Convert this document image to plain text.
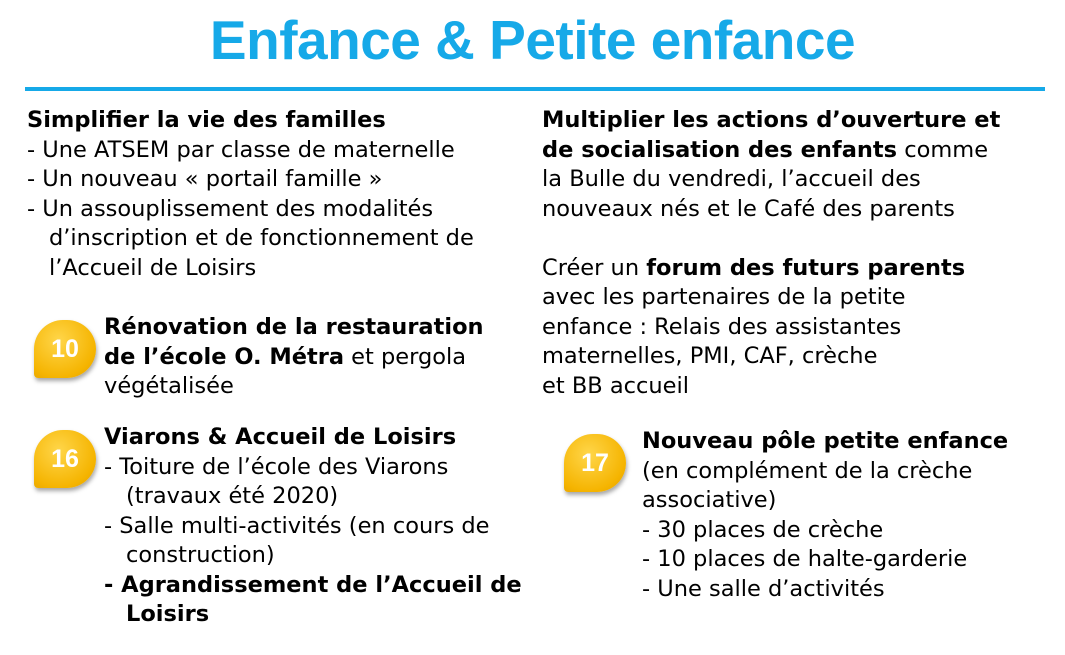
Enfance & Petite enfance
Simplifier la vie des familles
- Une ATSEM par classe de maternelle
- Un nouveau « portail famille »
- Un assouplissement des modalités
d’inscription et de fonctionnement de
l’Accueil de Loisirs
10
Rénovation de la restauration
de l’école O. Métra et pergola
végétalisée
16
Viarons & Accueil de Loisirs
- Toiture de l’école des Viarons
(travaux été 2020)
- Salle multi-activités (en cours de
construction)
- Agrandissement de l’Accueil de
Loisirs
Multiplier les actions d’ouverture et
de socialisation des enfants comme
la Bulle du vendredi, l’accueil des
nouveaux nés et le Café des parents
Créer un forum des futurs parents
avec les partenaires de la petite
enfance : Relais des assistantes
maternelles, PMI, CAF, crèche
et BB accueil
17
Nouveau pôle petite enfance
(en complément de la crèche
associative)
- 30 places de crèche
- 10 places de halte-garderie
- Une salle d’activités
